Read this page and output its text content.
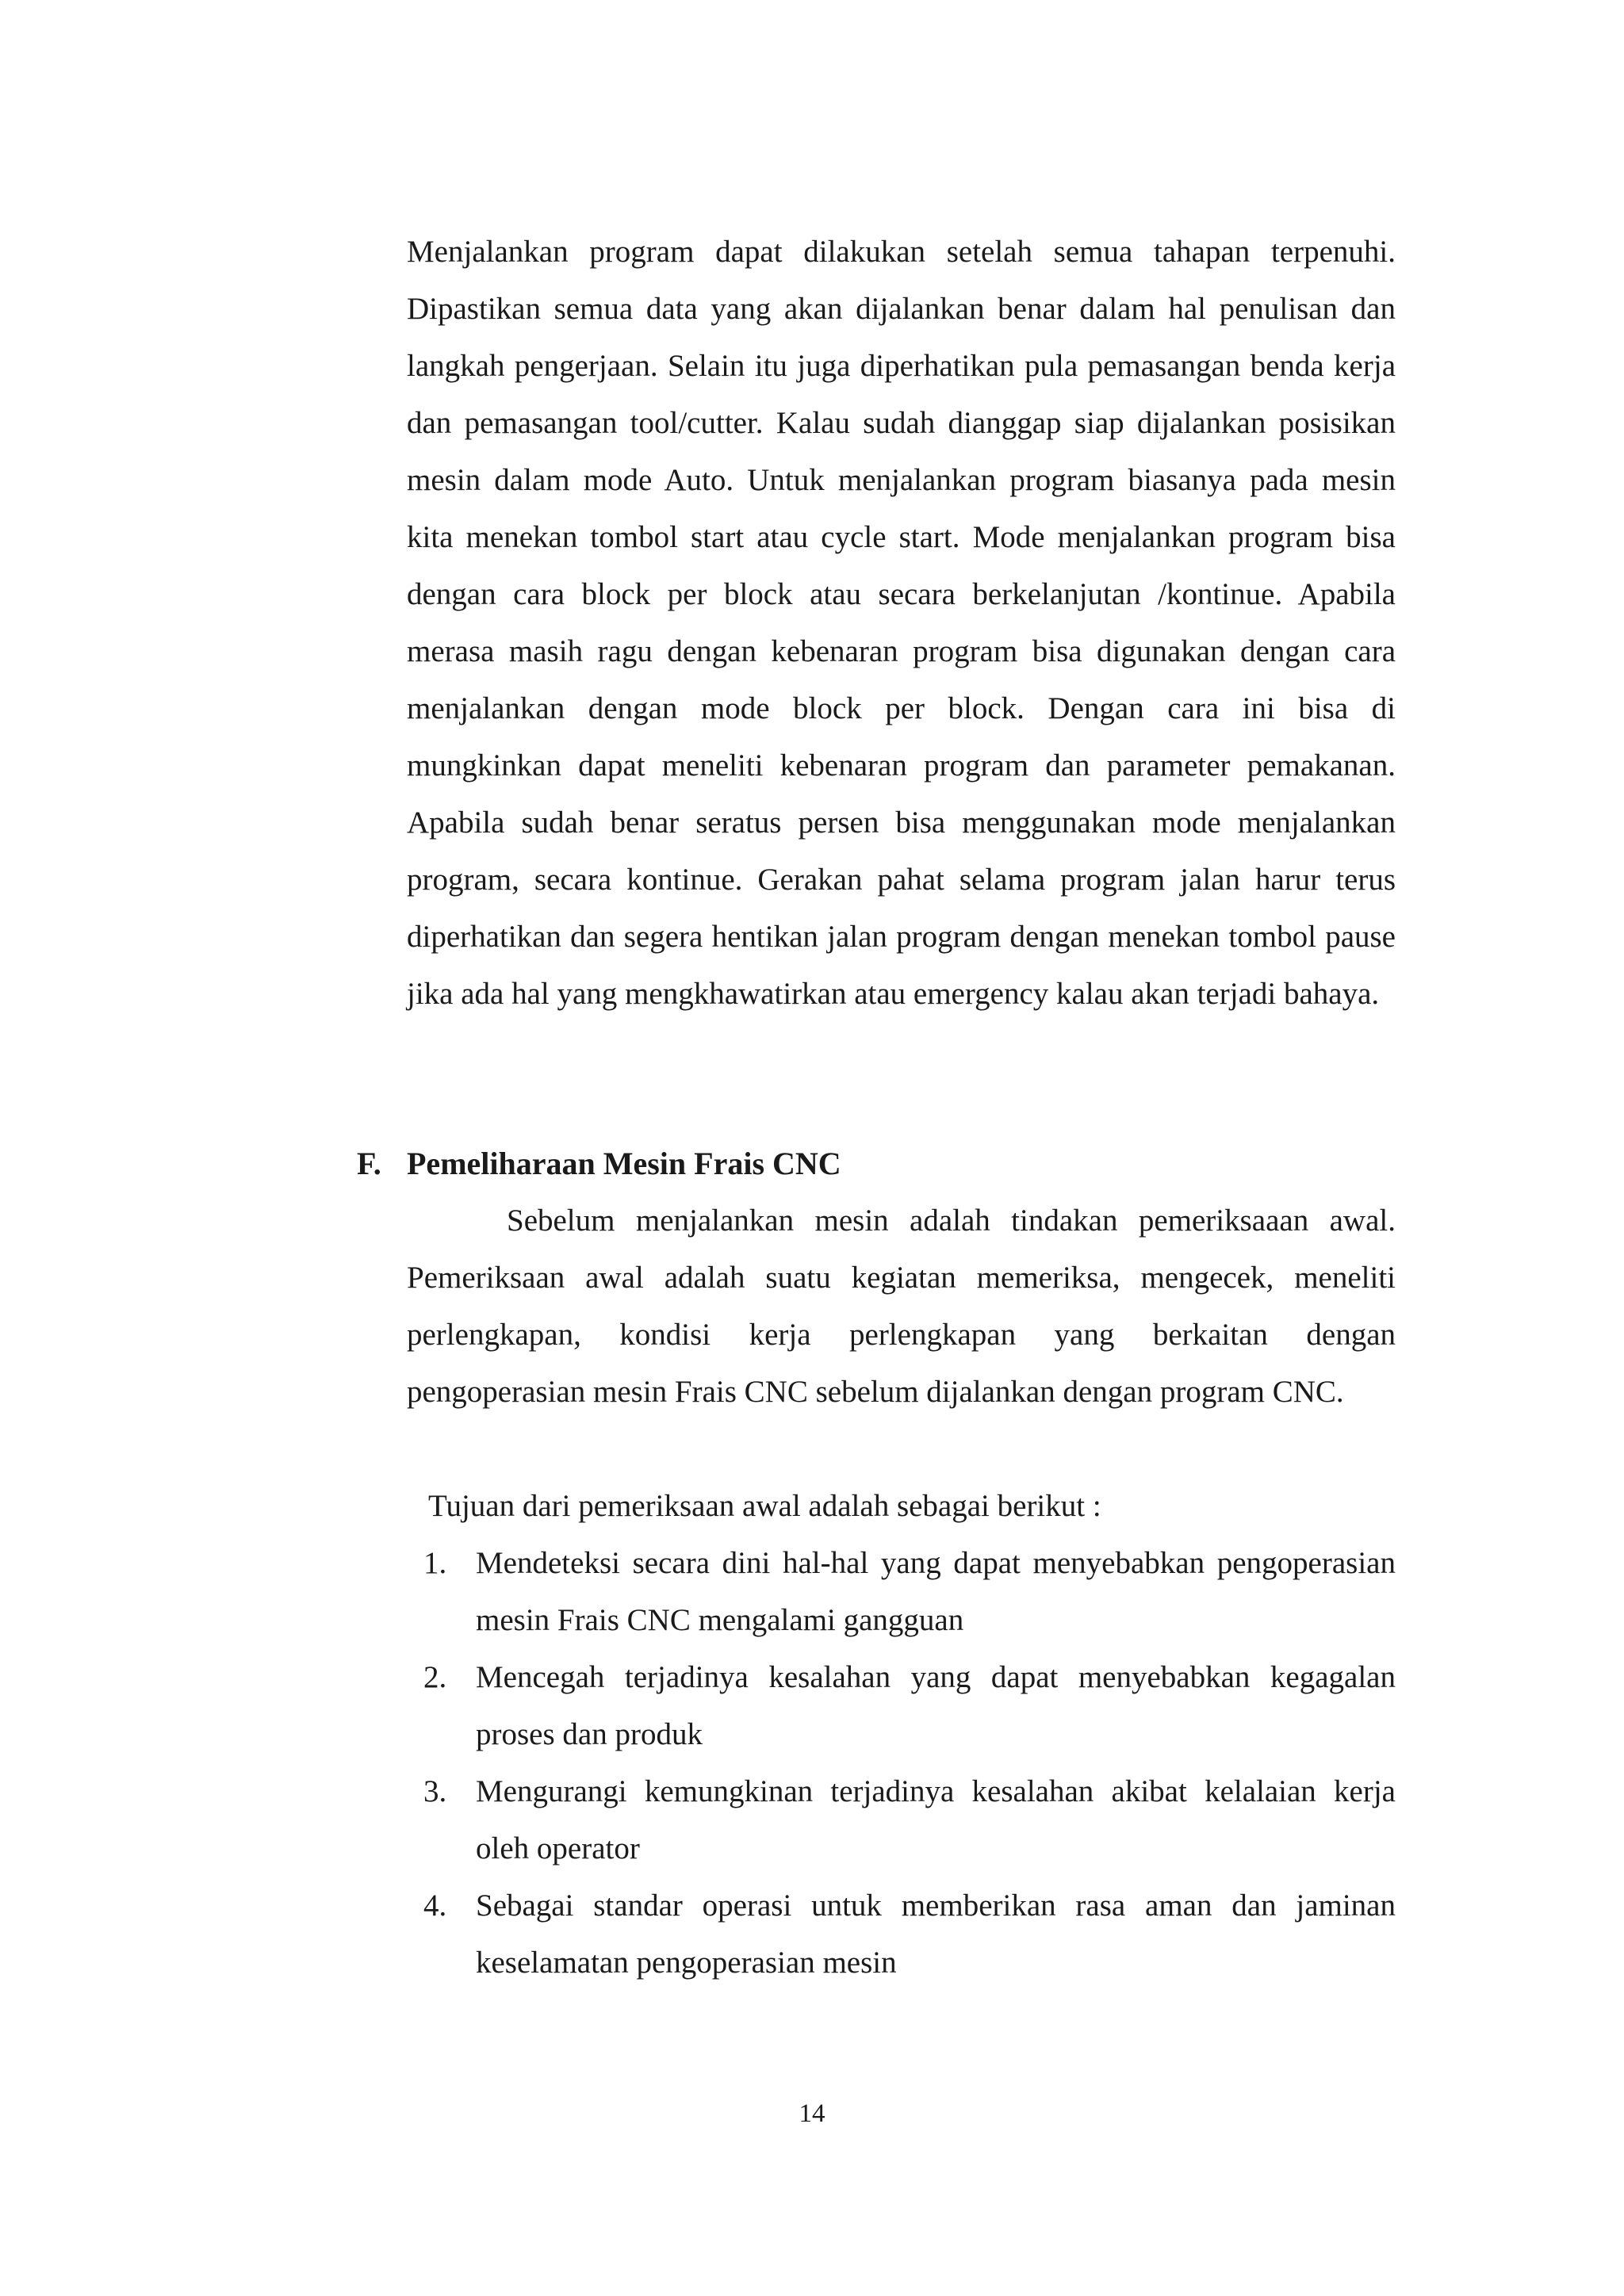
Menjalankan program dapat dilakukan setelah semua tahapan terpenuhi. Dipastikan semua data yang akan dijalankan benar dalam hal penulisan dan langkah pengerjaan. Selain itu juga diperhatikan pula pemasangan benda kerja dan pemasangan tool/cutter. Kalau sudah dianggap siap dijalankan posisikan mesin dalam mode Auto. Untuk menjalankan program biasanya pada mesin kita menekan tombol start atau cycle start. Mode menjalankan program bisa dengan cara block per block atau secara berkelanjutan /kontinue. Apabila merasa masih ragu dengan kebenaran program bisa digunakan dengan cara menjalankan dengan mode block per block. Dengan cara ini bisa di mungkinkan dapat meneliti kebenaran program dan parameter pemakanan. Apabila sudah benar seratus persen bisa menggunakan mode menjalankan program, secara kontinue. Gerakan pahat selama program jalan harur terus diperhatikan dan segera hentikan jalan program dengan menekan tombol pause jika ada hal yang mengkhawatirkan atau emergency kalau akan terjadi bahaya.

F. Pemeliharaan Mesin Frais CNC

Sebelum menjalankan mesin adalah tindakan pemeriksaaan awal. Pemeriksaan awal adalah suatu kegiatan memeriksa, mengecek, meneliti perlengkapan, kondisi kerja perlengkapan yang berkaitan dengan pengoperasian mesin Frais CNC sebelum dijalankan dengan program CNC.

Tujuan dari pemeriksaan awal adalah sebagai berikut :

1. Mendeteksi secara dini hal-hal yang dapat menyebabkan pengoperasian mesin Frais CNC mengalami gangguan
2. Mencegah terjadinya kesalahan yang dapat menyebabkan kegagalan proses dan produk
3. Mengurangi kemungkinan terjadinya kesalahan akibat kelalaian kerja oleh operator
4. Sebagai standar operasi untuk memberikan rasa aman dan jaminan keselamatan pengoperasian mesin

14
